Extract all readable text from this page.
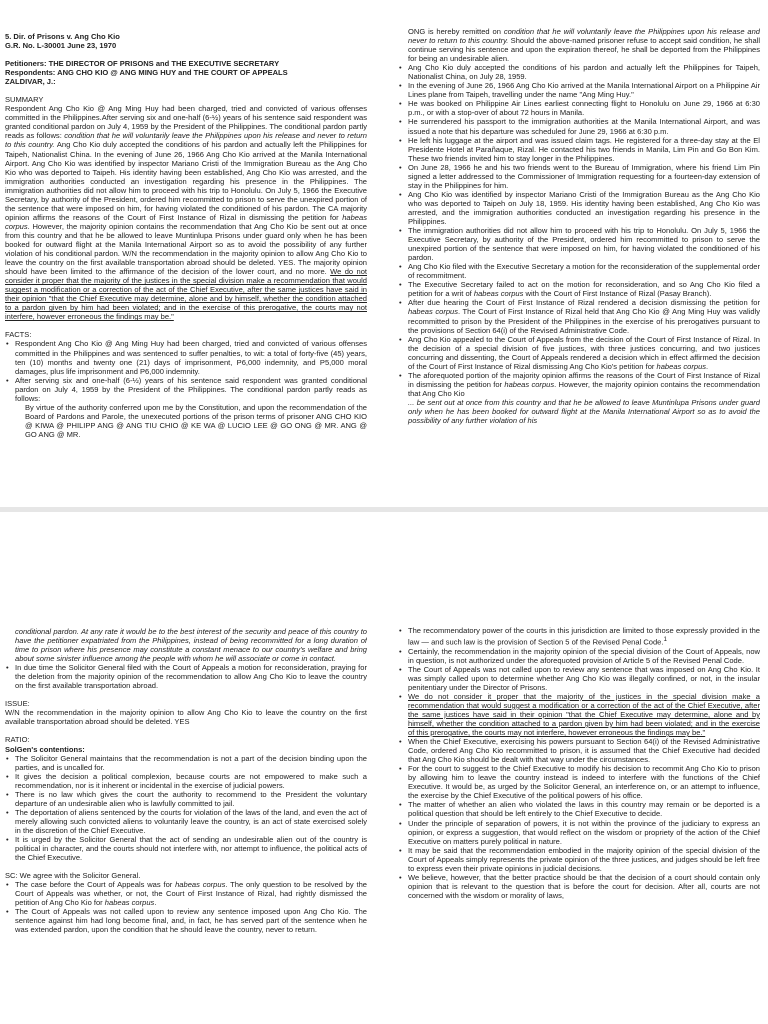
5. Dir. of Prisons v. Ang Cho Kio

G.R. No. L-30001 June 23, 1970

Petitioners: THE DIRECTOR OF PRISONS and THE EXECUTIVE SECRETARY

Respondents: ANG CHO KIO @ ANG MING HUY and THE COURT OF APPEALS

ZALDIVAR, J.:

SUMMARY

Respondent Ang Cho Kio @ Ang Ming Huy had been charged, tried and convicted of various offenses committed in the Philippines.After serving six and one-half (6-½) years of his sentence said respondent was granted conditional pardon on July 4, 1959 by the President of the Philippines. The conditional pardon partly reads as follows: condition that he will voluntarily leave the Philippines upon his release and never to return to this country. Ang Cho Kio duly accepted the conditions of his pardon and actually left the Philippines for Taipeh, Nationalist China. In the evening of June 26, 1966 Ang Cho Kio arrived at the Manila International Airport. Ang Cho Kio was identified by inspector Mariano Cristi of the Immigration Bureau as the Ang Cho Kio who was deported to Taipeh. His identity having been established, Ang Cho Kio was arrested, and the immigration authorities conducted an investigation regarding his presence in the Philippines. The immigration authorities did not allow him to proceed with his trip to Honolulu. On July 5, 1966 the Executive Secretary, by authority of the President, ordered him recommitted to prison to serve the unexpired portion of the sentence that were imposed on him, for having violated the conditioned of his pardon. The CA majority opinion affirms the reasons of the Court of First Instance of Rizal in dismissing the petition for habeas corpus. However, the majority opinion contains the recommendation that Ang Cho Kio be sent out at once from this country and that he be allowed to leave Muntinlupa Prisons under guard only when he has been booked for outward flight at the Manila International Airport so as to avoid the possibility of any further violation of his conditional pardon. W/N the recommendation in the majority opinion to allow Ang Cho Kio to leave the country on the first available transportation abroad should be deleted. YES. The majority opinion should have been limited to the affirmance of the decision of the lower court, and no more. We do not consider it proper that the majority of the justices in the special division make a recommendation that would suggest a modification or a correction of the act of the Chief Executive, after the same justices have said in their opinion "that the Chief Executive may determine, alone and by himself, whether the condition attached to a pardon given by him had been violated; and in the exercise of this prerogative, the courts may not interfere, however erroneous the findings may be."

FACTS:

• Respondent Ang Cho Kio @ Ang Ming Huy had been charged, tried and convicted of various offenses committed in the Philippines and was sentenced to suffer penalties, to wit: a total of forty-five (45) years, ten (10) months and twenty one (21) days of imprisonment, P6,000 indemnity, and P5,000 moral damages, plus life imprisonment and P6,000 indemnity.
• After serving six and one-half (6-½) years of his sentence said respondent was granted conditional pardon on July 4, 1959 by the President of the Philippines. The conditional pardon partly reads as follows:
By virtue of the authority conferred upon me by the Constitution, and upon the recommendation of the Board of Pardons and Parole, the unexecuted portions of the prison terms of prisoner ANG CHO KIO @ KIWA @ PHILIPP ANG @ ANG TIU CHIO @ KE WA @ LUCIO LEE @ GO ONG @ MR. ANG @ GO ANG @ MR.

ONG is hereby remitted on condition that he will voluntarily leave the Philippines upon his release and never to return to this country. Should the above-named prisoner refuse to accept said condition, he shall continue serving his sentence and upon the expiration thereof, he shall be deported from the Philippines for being an undesirable alien.

• Ang Cho Kio duly accepted the conditions of his pardon and actually left the Philippines for Taipeh, Nationalist China, on July 28, 1959.
• In the evening of June 26, 1966 Ang Cho Kio arrived at the Manila International Airport on a Philippine Air Lines plane from Taipeh, travelling under the name "Ang Ming Huy."
• He was booked on Philippine Air Lines earliest connecting flight to Honolulu on June 29, 1966 at 6:30 p.m., or with a stop-over of about 72 hours in Manila.
• He surrendered his passport to the immigration authorities at the Manila International Airport, and was issued a note that his departure was scheduled for June 29, 1966 at 6:30 p.m.
• He left his luggage at the airport and was issued claim tags. He registered for a three-day stay at the El Presidente Hotel at Parañaque, Rizal. He contacted his two friends in Manila, Lim Pin and Go Bon Kim. These two friends invited him to stay longer in the Philippines.
• On June 28, 1966 he and his two friends went to the Bureau of Immigration, where his friend Lim Pin signed a letter addressed to the Commissioner of Immigration requesting for a fourteen-day extension of stay in the Philippines for him.
• Ang Cho Kio was identified by inspector Mariano Cristi of the Immigration Bureau as the Ang Cho Kio who was deported to Taipeh on July 18, 1959. His identity having been established, Ang Cho Kio was arrested, and the immigration authorities conducted an investigation regarding his presence in the Philippines.
• The immigration authorities did not allow him to proceed with his trip to Honolulu. On July 5, 1966 the Executive Secretary, by authority of the President, ordered him recommitted to prison to serve the unexpired portion of the sentence that were imposed on him, for having violated the conditioned of his pardon.
• Ang Cho Kio filed with the Executive Secretary a motion for the reconsideration of the supplemental order of recommitment.
• The Executive Secretary failed to act on the motion for reconsideration, and so Ang Cho Kio filed a petition for a writ of habeas corpus with the Court of First Instance of Rizal (Pasay Branch).
• After due hearing the Court of First Instance of Rizal rendered a decision dismissing the petition for habeas corpus. The Court of First Instance of Rizal held that Ang Cho Kio @ Ang Ming Huy was validly recommitted to prison by the President of the Philippines in the exercise of his prerogatives pursuant to the provisions of Section 64(i) of the Revised Administrative Code.
• Ang Cho Kio appealed to the Court of Appeals from the decision of the Court of First Instance of Rizal. In the decision of a special division of five justices, with three justices concurring, and two justices concurring and dissenting, the Court of Appeals rendered a decision which in effect affirmed the decision of the Court of First Instance of Rizal dismissing Ang Cho Kio's petition for habeas corpus.
• The aforequoted portion of the majority opinion affirms the reasons of the Court of First Instance of Rizal in dismissing the petition for habeas corpus. However, the majority opinion contains the recommendation that Ang Cho Kio
... be sent out at once from this country and that he be allowed to leave Muntinlupa Prisons under guard only when he has been booked for outward flight at the Manila International Airport so as to avoid the possibility of any further violation of his

conditional pardon. At any rate it would be to the best interest of the security and peace of this country to have the petitioner expatriated from the Philippines, instead of being recommitted for a long duration of time to prison where his presence may constitute a constant menace to our country's welfare and bring about some sinister influence among the people with whom he will associate or come in contact.

• In due time the Solicitor General filed with the Court of Appeals a motion for reconsideration, praying for the deletion from the majority opinion of the recommendation to allow Ang Cho Kio to leave the country on the first available transportation abroad.

ISSUE:

W/N the recommendation in the majority opinion to allow Ang Cho Kio to leave the country on the first available transportation abroad should be deleted. YES

RATIO:

SolGen's contentions:

• The Solicitor General maintains that the recommendation is not a part of the decision binding upon the parties, and is uncalled for.
• It gives the decision a political complexion, because courts are not empowered to make such a recommendation, nor is it inherent or incidental in the exercise of judicial powers.
• There is no law which gives the court the authority to recommend to the President the voluntary departure of an undesirable alien who is lawfully committed to jail.
• The deportation of aliens sentenced by the courts for violation of the laws of the land, and even the act of merely allowing such convicted aliens to voluntarily leave the country, is an act of state exercised solely in the discretion of the Chief Executive.
• It is urged by the Solicitor General that the act of sending an undesirable alien out of the country is political in character, and the courts should not interfere with, nor attempt to influence, the political acts of the Chief Executive.

SC: We agree with the Solicitor General.

• The case before the Court of Appeals was for habeas corpus. The only question to be resolved by the Court of Appeals was whether, or not, the Court of First Instance of Rizal, had rightly dismissed the petition of Ang Cho Kio for habeas corpus.
• The Court of Appeals was not called upon to review any sentence imposed upon Ang Cho Kio. The sentence against him had long become final, and, in fact, he has served part of the sentence when he was extended pardon, upon the condition that he should leave the country, never to return.
• The recommendatory power of the courts in this jurisdiction are limited to those expressly provided in the law — and such law is the provision of Section 5 of the Revised Penal Code.$^1$
• Certainly, the recommendation in the majority opinion of the special division of the Court of Appeals, now in question, is not authorized under the aforequoted provision of Article 5 of the Revised Penal Code.
• The Court of Appeals was not called upon to review any sentence that was imposed on Ang Cho Kio. It was simply called upon to determine whether Ang Cho Kio was illegally confined, or not, in the insular penitentiary under the Director of Prisons.
• We do not consider it proper that the majority of the justices in the special division make a recommendation that would suggest a modification or a correction of the act of the Chief Executive, after the same justices have said in their opinion "that the Chief Executive may determine, alone and by himself, whether the condition attached to a pardon given by him had been violated; and in the exercise of this prerogative, the courts may not interfere, however erroneous the findings may be."
• When the Chief Executive, exercising his powers pursuant to Section 64(i) of the Revised Administrative Code, ordered Ang Cho Kio recommitted to prison, it is assumed that the Chief Executive had decided that Ang Cho Kio should be dealt with that way under the circumstances.
• For the court to suggest to the Chief Executive to modify his decision to recommit Ang Cho Kio to prison by allowing him to leave the country instead is indeed to interfere with the functions of the Chief Executive. It would be, as urged by the Solicitor General, an interference on, or an attempt to influence, the exercise by the Chief Executive of the political powers of his office.
• The matter of whether an alien who violated the laws in this country may remain or be deported is a political question that should be left entirely to the Chief Executive to decide.
• Under the principle of separation of powers, it is not within the province of the judiciary to express an opinion, or express a suggestion, that would reflect on the wisdom or propriety of the action of the Chief Executive on matters purely political in nature.
• It may be said that the recommendation embodied in the majority opinion of the special division of the Court of Appeals simply represents the private opinion of the three justices, and judges should be left free to express even their private opinions in judicial decisions.
• We believe, however, that the better practice should be that the decision of a court should contain only opinion that is relevant to the question that is before the court for decision. After all, courts are not concerned with the wisdom or morality of laws,
